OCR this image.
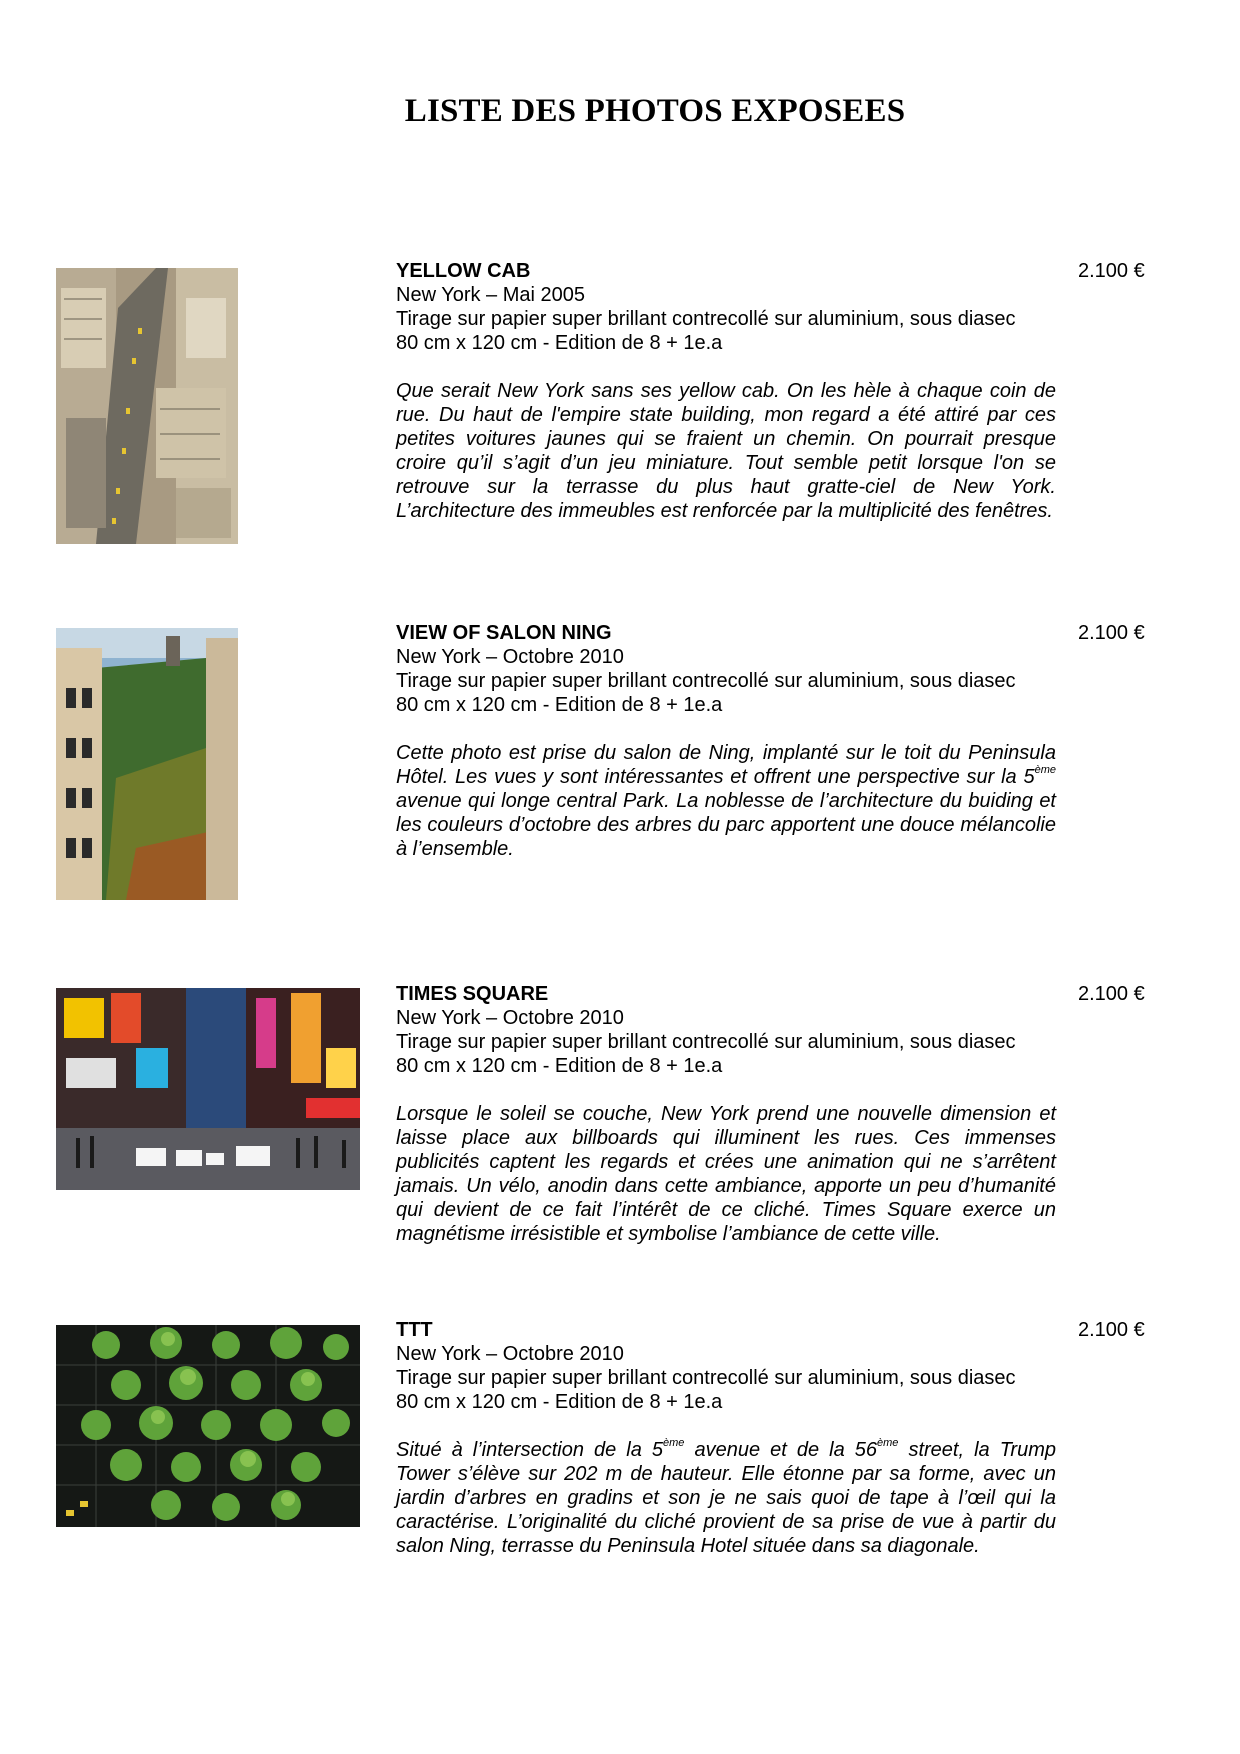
LISTE DES PHOTOS EXPOSEES
YELLOW CAB
New York – Mai 2005
Tirage sur papier super brillant contrecollé sur aluminium, sous diasec
80 cm x 120 cm - Edition de 8 + 1e.a
Que serait New York sans ses yellow cab. On les hèle à chaque coin de rue. Du haut de l'empire state building, mon regard a été attiré par ces petites voitures jaunes qui se fraient un chemin. On pourrait presque croire qu’il s’agit d’un jeu miniature. Tout semble petit lorsque l'on se retrouve sur la terrasse du plus haut gratte-ciel de New York. L’architecture des immeubles est renforcée par la multiplicité des fenêtres.
2.100 €
VIEW OF SALON NING
New York – Octobre 2010
Tirage sur papier super brillant contrecollé sur aluminium, sous diasec
80 cm x 120 cm - Edition de 8 + 1e.a
Cette photo est prise du salon de Ning, implanté sur le toit du Peninsula Hôtel. Les vues y sont intéressantes et offrent une perspective sur la 5ème avenue qui longe central Park. La noblesse de l’architecture du buiding et les couleurs d’octobre des arbres du parc apportent une douce mélancolie à l’ensemble.
2.100 €
TIMES SQUARE
New York – Octobre 2010
Tirage sur papier super brillant contrecollé sur aluminium, sous diasec
80 cm x 120 cm - Edition de 8 + 1e.a
Lorsque le soleil se couche, New York prend une nouvelle dimension et laisse place aux billboards qui illuminent les rues. Ces immenses publicités captent les regards et crées une animation qui ne s’arrêtent jamais. Un vélo, anodin dans cette ambiance, apporte un peu d’humanité qui devient de ce fait l’intérêt de ce cliché. Times Square exerce un magnétisme irrésistible et symbolise l’ambiance de cette ville.
2.100 €
TTT
New York – Octobre 2010
Tirage sur papier super brillant contrecollé sur aluminium, sous diasec
80 cm x 120 cm - Edition de 8 + 1e.a
Situé à l’intersection de la 5ème avenue et de la 56ème street, la Trump Tower s’élève sur 202 m de hauteur. Elle étonne par sa forme, avec un jardin d’arbres en gradins et son je ne sais quoi de tape à l’œil qui la caractérise. L’originalité du cliché provient de sa prise de vue à partir du salon Ning, terrasse du Peninsula Hotel située dans sa diagonale.
2.100 €
